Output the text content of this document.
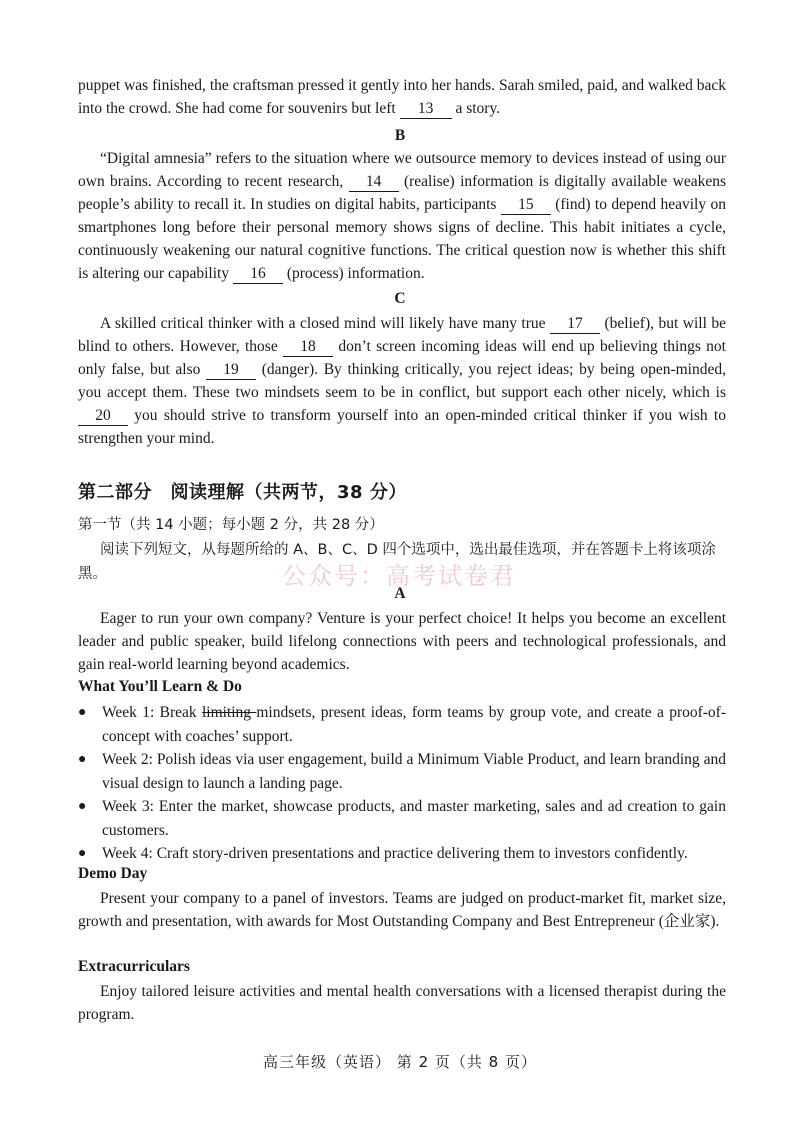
puppet was finished, the craftsman pressed it gently into her hands. Sarah smiled, paid, and walked back into the crowd. She had come for souvenirs but left 13 a story.

B

“Digital amnesia” refers to the situation where we outsource memory to devices instead of using our own brains. According to recent research, 14 (realise) information is digitally available weakens people’s ability to recall it. In studies on digital habits, participants 15 (find) to depend heavily on smartphones long before their personal memory shows signs of decline. This habit initiates a cycle, continuously weakening our natural cognitive functions. The critical question now is whether this shift is altering our capability 16 (process) information.

C

A skilled critical thinker with a closed mind will likely have many true 17 (belief), but will be blind to others. However, those 18 don’t screen incoming ideas will end up believing things not only false, but also 19 (danger). By thinking critically, you reject ideas; by being open-minded, you accept them. These two mindsets seem to be in conflict, but support each other nicely, which is 20 you should strive to transform yourself into an open-minded critical thinker if you wish to strengthen your mind.

第二部分　阅读理解（共两节，38 分）
第一节（共 14 小题；每小题 2 分，共 28 分）

阅读下列短文，从每题所给的 A、B、C、D 四个选项中，选出最佳选项，并在答题卡上将该项涂黑。	公众号：高考试卷君
A

Eager to run your own company? Venture is your perfect choice! It helps you become an excellent leader and public speaker, build lifelong connections with peers and technological professionals, and gain real-world learning beyond academics.

What You’ll Learn & Do
● Week 1: Break limiting mindsets, present ideas, form teams by group vote, and create a proof-of-concept with coaches’ support.
● Week 2: Polish ideas via user engagement, build a Minimum Viable Product, and learn branding and visual design to launch a landing page.
● Week 3: Enter the market, showcase products, and master marketing, sales and ad creation to gain customers.
● Week 4: Craft story-driven presentations and practice delivering them to investors confidently.
Demo Day

Present your company to a panel of investors. Teams are judged on product-market fit, market size, growth and presentation, with awards for Most Outstanding Company and Best Entrepreneur (企业家).

Extracurriculars

Enjoy tailored leisure activities and mental health conversations with a licensed therapist during the program.

高三年级（英语） 第 2 页（共 8 页）
